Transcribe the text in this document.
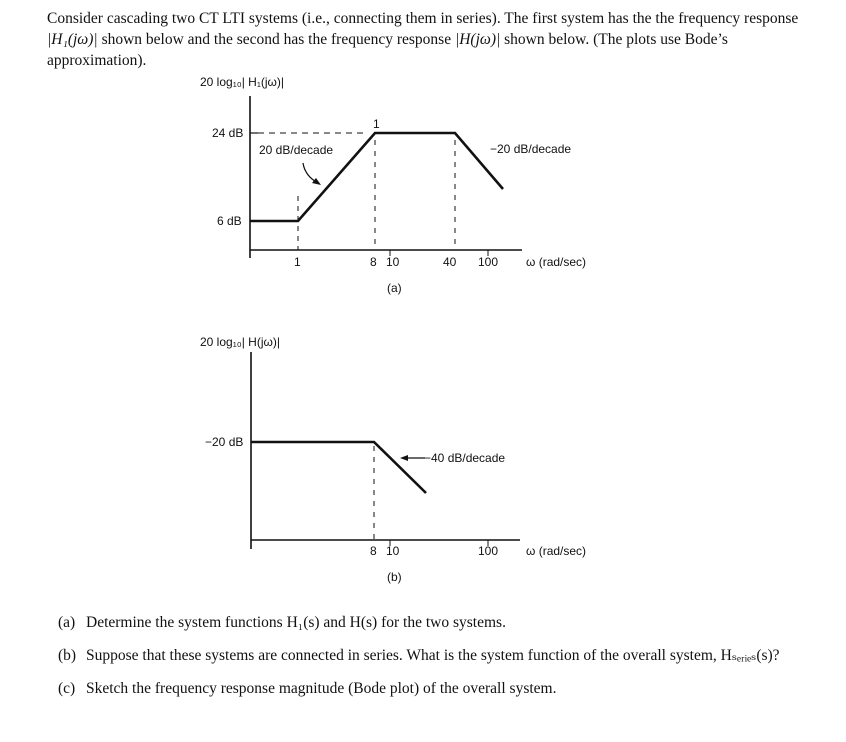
Consider cascading two CT LTI systems (i.e., connecting them in series). The first system has the the frequency response |H₁(jω)| shown below and the second has the frequency response |H(jω)| shown below. (The plots use Bode’s approximation).

20 log₁₀| H₁(jω)|
24 dB
6 dB
1
20 dB/decade	−20 dB/decade
1	8 10	40 100 ω (rad/sec)
(a)
20 log₁₀| H(jω)|
−20 dB
−40 dB/decade
8 10	100 ω (rad/sec)
(b)

(a) Determine the system functions H₁(s) and H(s) for the two systems.

(b) Suppose that these systems are connected in series. What is the system function of the overall system, Hₛₑᵣᵢₑₛ(s)?

(c) Sketch the frequency response magnitude (Bode plot) of the overall system.
